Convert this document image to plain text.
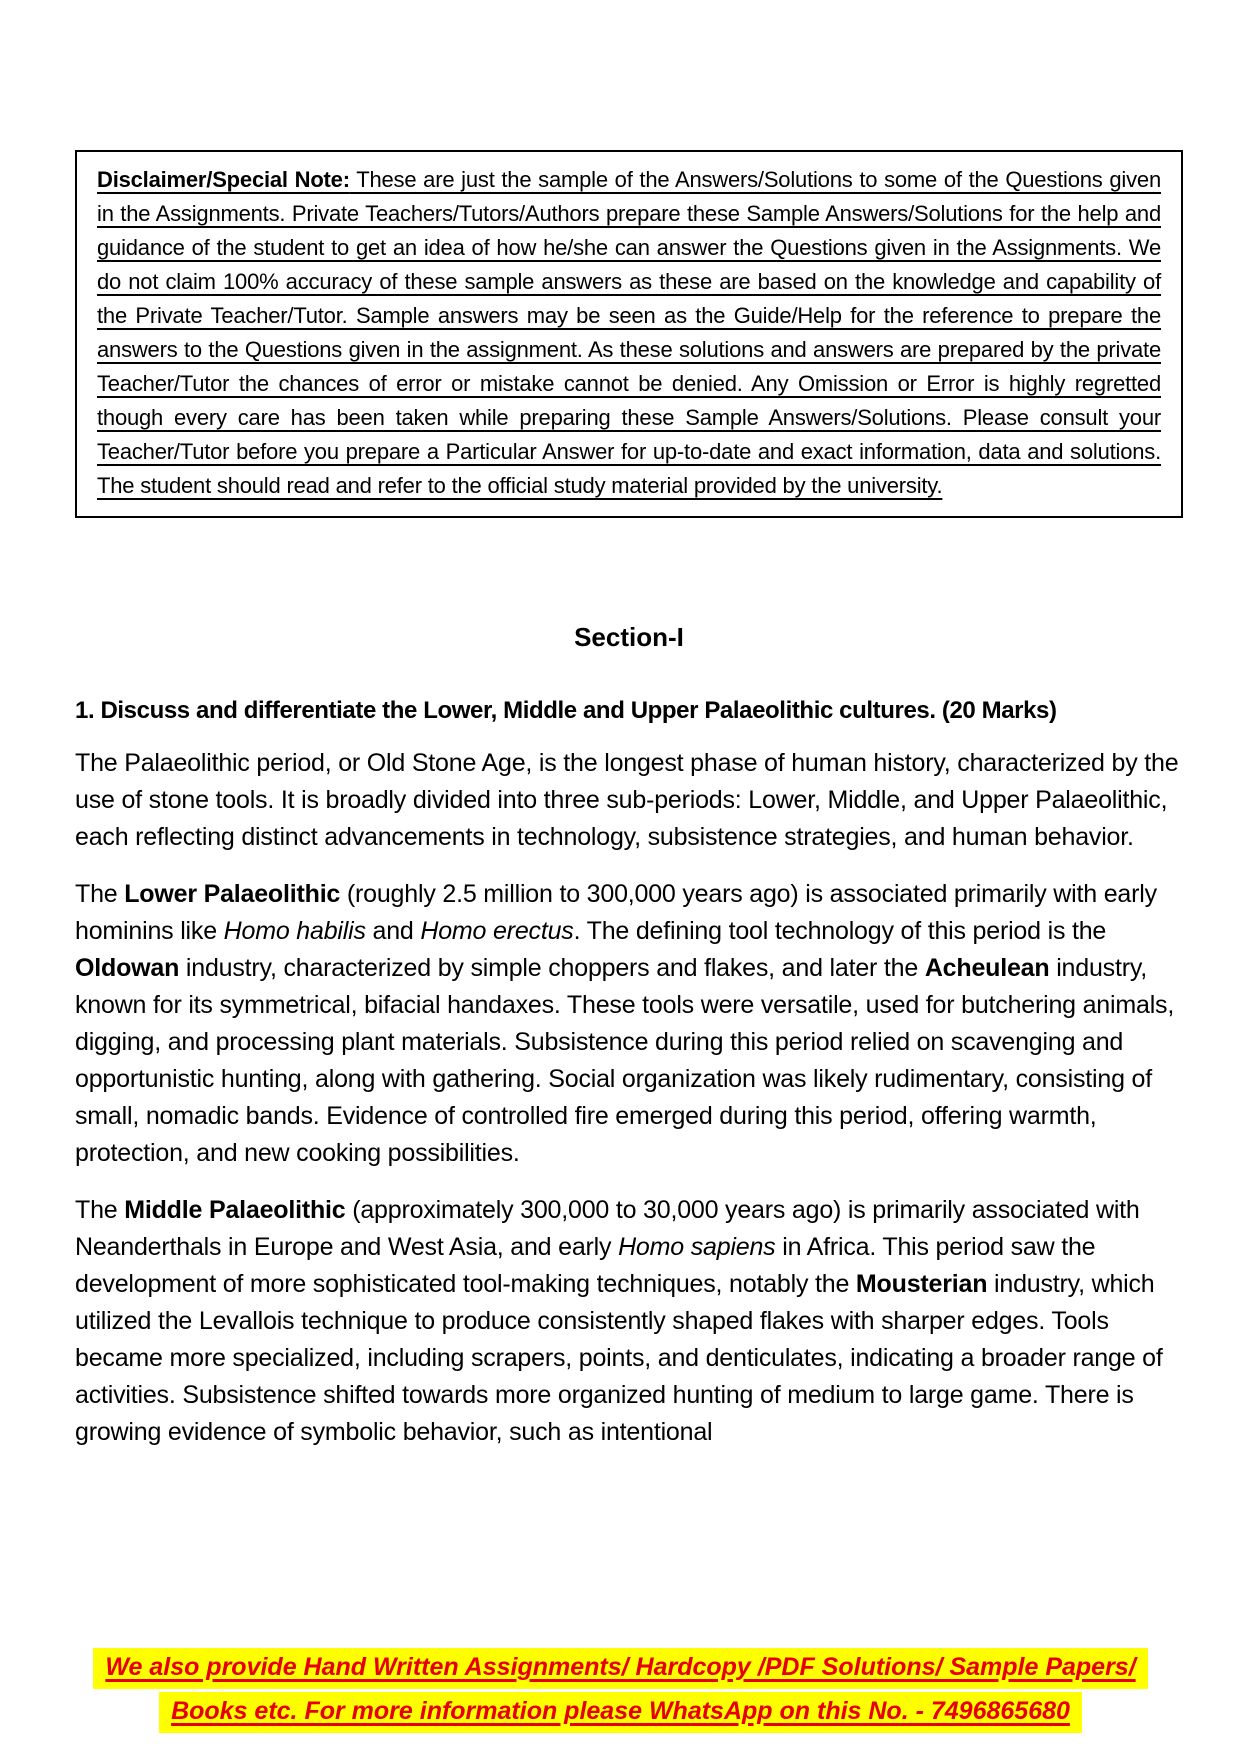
Disclaimer/Special Note: These are just the sample of the Answers/Solutions to some of the Questions given in the Assignments. Private Teachers/Tutors/Authors prepare these Sample Answers/Solutions for the help and guidance of the student to get an idea of how he/she can answer the Questions given in the Assignments. We do not claim 100% accuracy of these sample answers as these are based on the knowledge and capability of the Private Teacher/Tutor. Sample answers may be seen as the Guide/Help for the reference to prepare the answers to the Questions given in the assignment. As these solutions and answers are prepared by the private Teacher/Tutor the chances of error or mistake cannot be denied. Any Omission or Error is highly regretted though every care has been taken while preparing these Sample Answers/Solutions. Please consult your Teacher/Tutor before you prepare a Particular Answer for up-to-date and exact information, data and solutions. The student should read and refer to the official study material provided by the university.

Section-I
1. Discuss and differentiate the Lower, Middle and Upper Palaeolithic cultures. (20 Marks)

The Palaeolithic period, or Old Stone Age, is the longest phase of human history, characterized by the use of stone tools. It is broadly divided into three sub-periods: Lower, Middle, and Upper Palaeolithic, each reflecting distinct advancements in technology, subsistence strategies, and human behavior.

The Lower Palaeolithic (roughly 2.5 million to 300,000 years ago) is associated primarily with early hominins like Homo habilis and Homo erectus. The defining tool technology of this period is the Oldowan industry, characterized by simple choppers and flakes, and later the Acheulean industry, known for its symmetrical, bifacial handaxes. These tools were versatile, used for butchering animals, digging, and processing plant materials. Subsistence during this period relied on scavenging and opportunistic hunting, along with gathering. Social organization was likely rudimentary, consisting of small, nomadic bands. Evidence of controlled fire emerged during this period, offering warmth, protection, and new cooking possibilities.

The Middle Palaeolithic (approximately 300,000 to 30,000 years ago) is primarily associated with Neanderthals in Europe and West Asia, and early Homo sapiens in Africa. This period saw the development of more sophisticated tool-making techniques, notably the Mousterian industry, which utilized the Levallois technique to produce consistently shaped flakes with sharper edges. Tools became more specialized, including scrapers, points, and denticulates, indicating a broader range of activities. Subsistence shifted towards more organized hunting of medium to large game. There is growing evidence of symbolic behavior, such as intentional

We also provide Hand Written Assignments/ Hardcopy /PDF Solutions/ Sample Papers/
Books etc. For more information please WhatsApp on this No. - 7496865680
